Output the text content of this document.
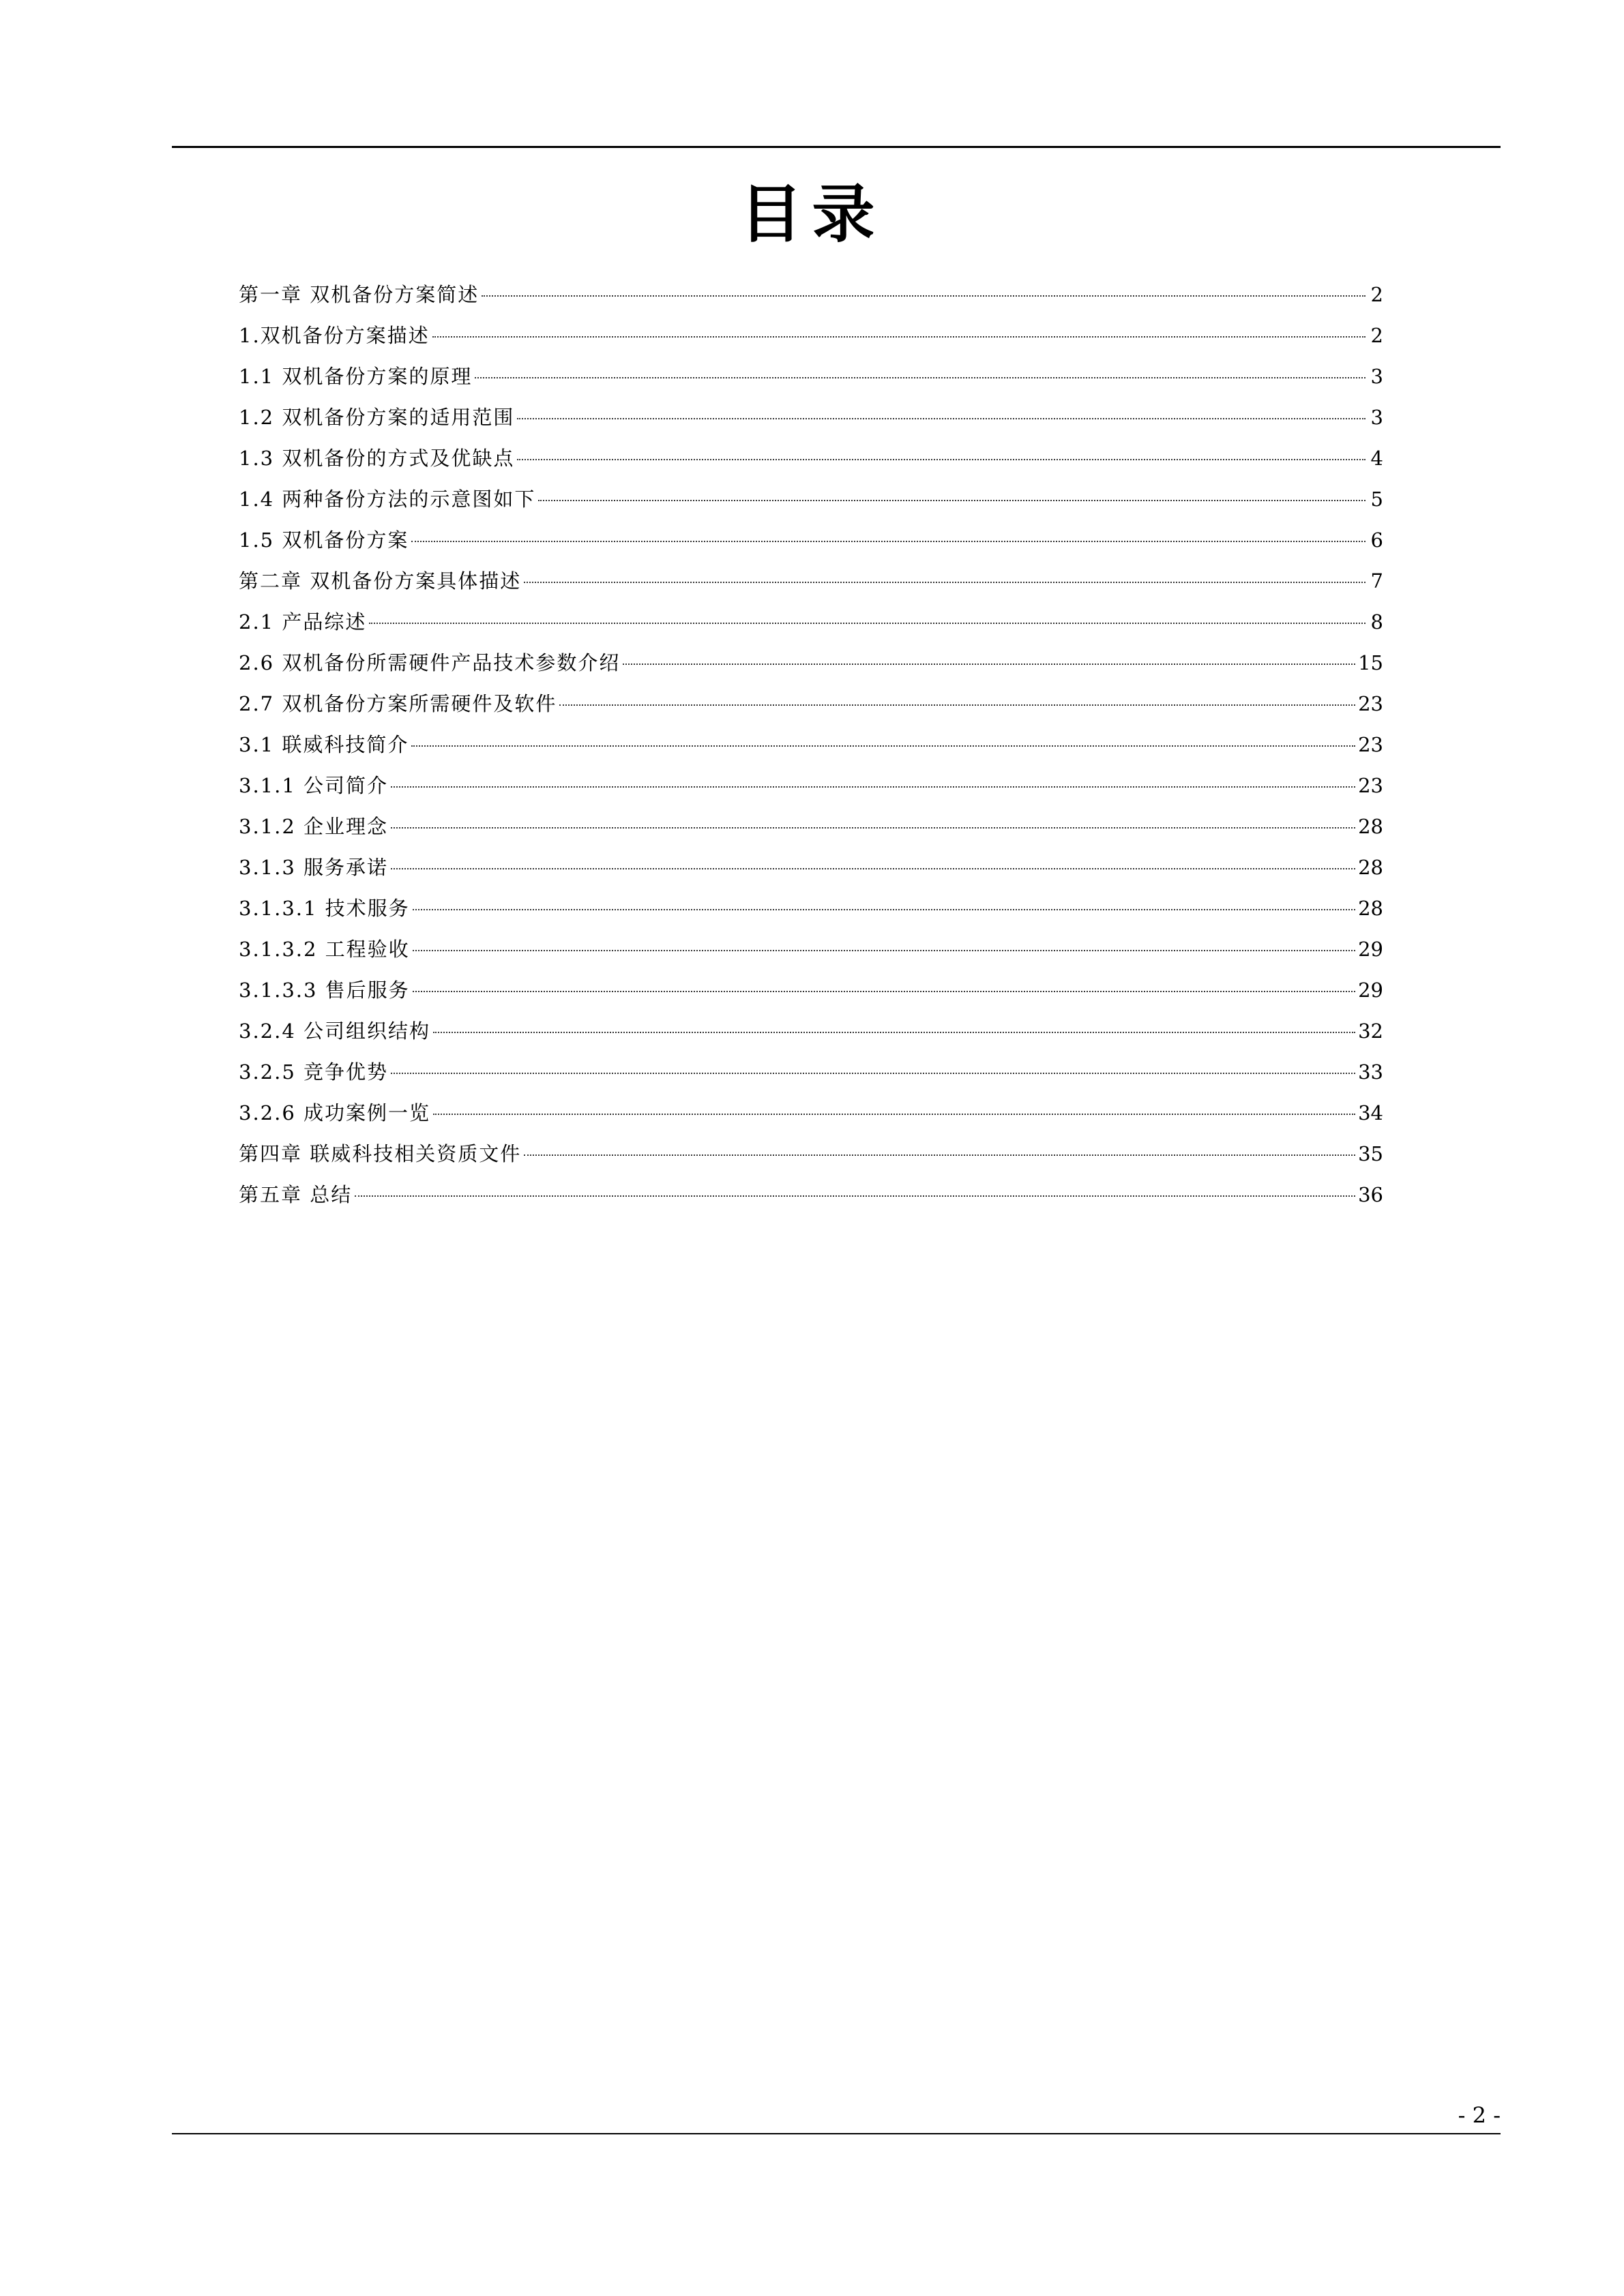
目录
第一章 双机备份方案简述	2
1.双机备份方案描述	2
1.1 双机备份方案的原理	3
1.2 双机备份方案的适用范围	3
1.3 双机备份的方式及优缺点	4
1.4 两种备份方法的示意图如下	5
1.5 双机备份方案	6
第二章 双机备份方案具体描述	7
2.1 产品综述	8
2.6 双机备份所需硬件产品技术参数介绍	15
2.7 双机备份方案所需硬件及软件	23
3.1 联威科技简介	23
3.1.1 公司简介	23
3.1.2 企业理念	28
3.1.3 服务承诺	28
3.1.3.1 技术服务	28
3.1.3.2 工程验收	29
3.1.3.3 售后服务	29
3.2.4 公司组织结构	32
3.2.5 竞争优势	33
3.2.6 成功案例一览	34
第四章 联威科技相关资质文件	35
第五章 总结	36
- 2 -
